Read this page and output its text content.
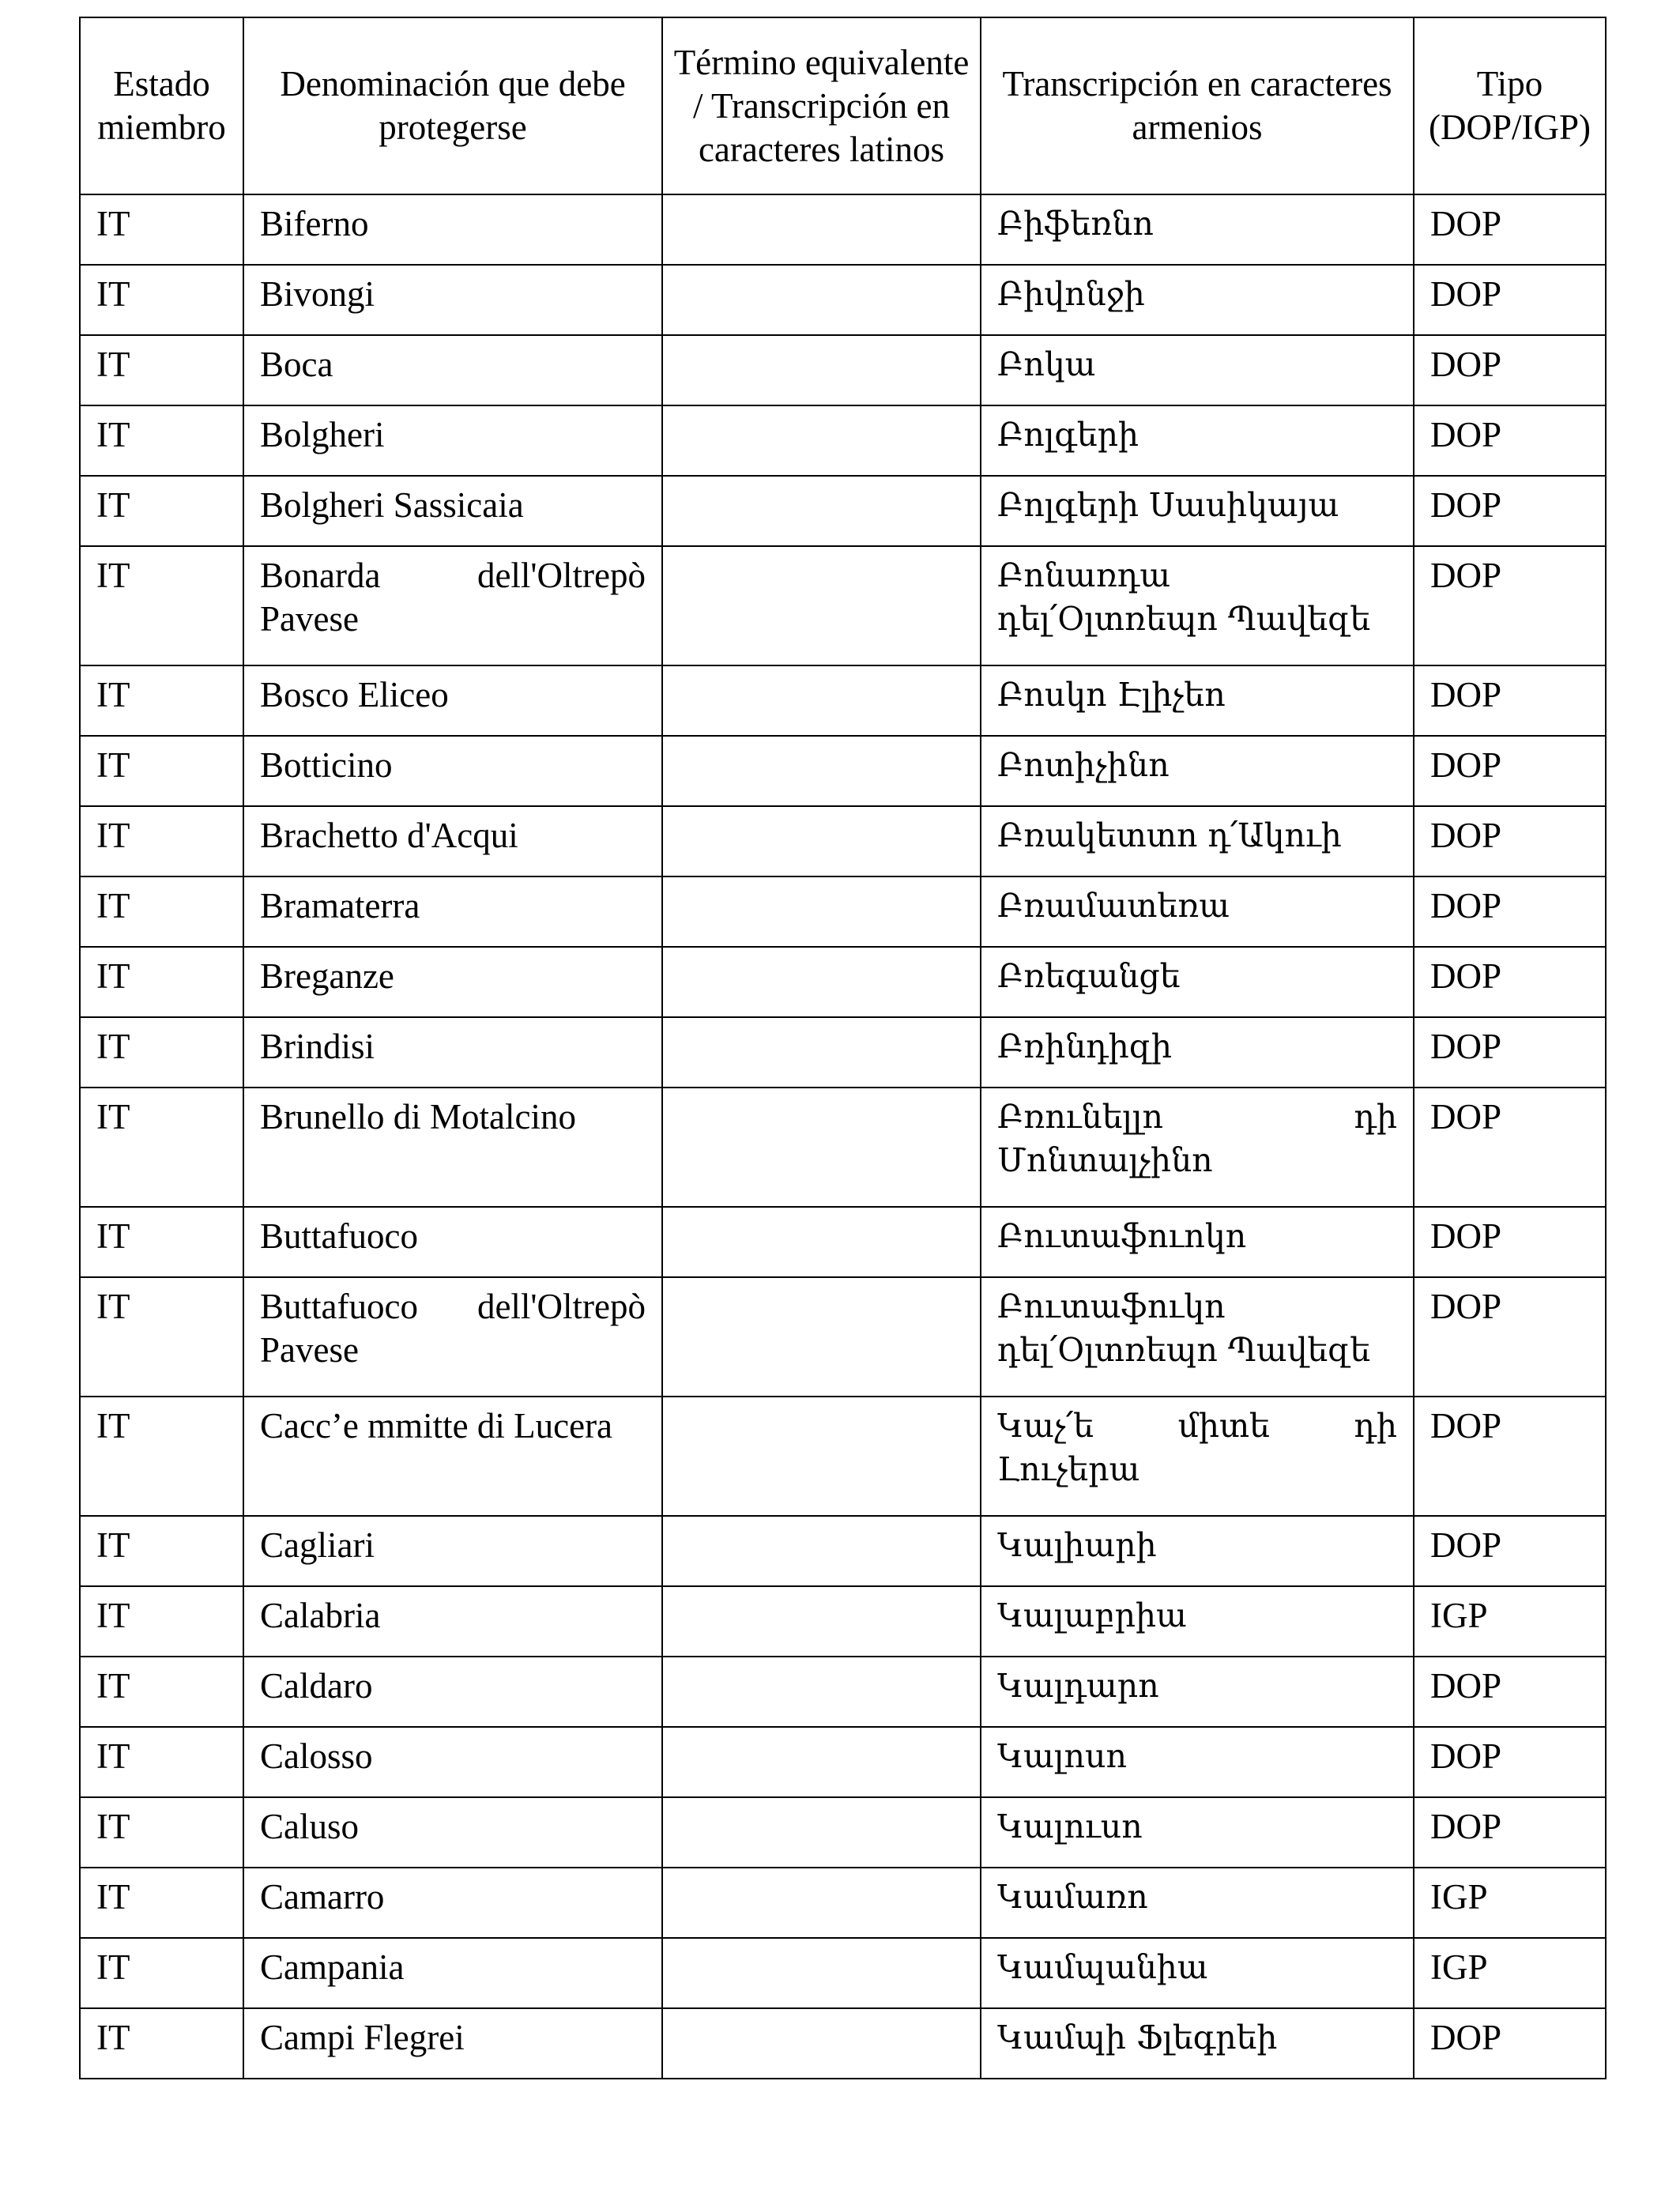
Estado miembro	Denominación que debe protegerse	Término equivalente / Transcripción en caracteres latinos	Transcripción en caracteres armenios	Tipo (DOP/IGP)
IT	Biferno		Բիֆեռնո	DOP
IT	Bivongi		Բիվոնջի	DOP
IT	Boca		Բոկա	DOP
IT	Bolgheri		Բոլգերի	DOP
IT	Bolgheri Sassicaia		Բոլգերի Սասիկայա	DOP
IT	Bonarda dell'Oltrepò Pavese		Բոնառդա դել՛Օլտռեպո Պավեզե	DOP
IT	Bosco Eliceo		Բոսկո Էլիչեո	DOP
IT	Botticino		Բոտիչինո	DOP
IT	Brachetto d'Acqui		Բռակետտո դ՛Ակուի	DOP
IT	Bramaterra		Բռամատեռա	DOP
IT	Breganze		Բռեգանցե	DOP
IT	Brindisi		Բռինդիզի	DOP
IT	Brunello di Motalcino		Բռունելլո դի Մոնտալչինո	DOP
IT	Buttafuoco		Բուտաֆուոկո	DOP
IT	Buttafuoco dell'Oltrepò Pavese		Բուտաֆուկո դել՛Օլտռեպո Պավեզե	DOP
IT	Cacc’e mmitte di Lucera		Կաչ՛ե միտե դի Լուչերա	DOP
IT	Cagliari		Կալիարի	DOP
IT	Calabria		Կալաբրիա	IGP
IT	Caldaro		Կալդարո	DOP
IT	Calosso		Կալոսո	DOP
IT	Caluso		Կալուսո	DOP
IT	Camarro		Կամառո	IGP
IT	Campania		Կամպանիա	IGP
IT	Campi Flegrei		Կամպի Ֆլեգրեի	DOP
